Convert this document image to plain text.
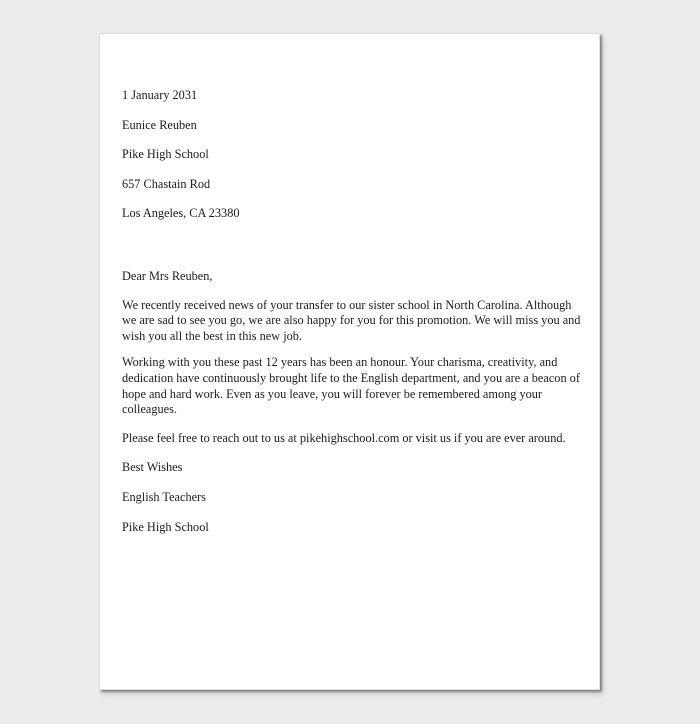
1 January 2031

Eunice Reuben

Pike High School

657 Chastain Rod

Los Angeles, CA 23380

Dear Mrs Reuben,

We recently received news of your transfer to our sister school in North Carolina. Although we are sad to see you go, we are also happy for you for this promotion. We will miss you and wish you all the best in this new job.

Working with you these past 12 years has been an honour. Your charisma, creativity, and dedication have continuously brought life to the English department, and you are a beacon of hope and hard work. Even as you leave, you will forever be remembered among your colleagues.

Please feel free to reach out to us at pikehighschool.com or visit us if you are ever around.

Best Wishes

English Teachers

Pike High School
